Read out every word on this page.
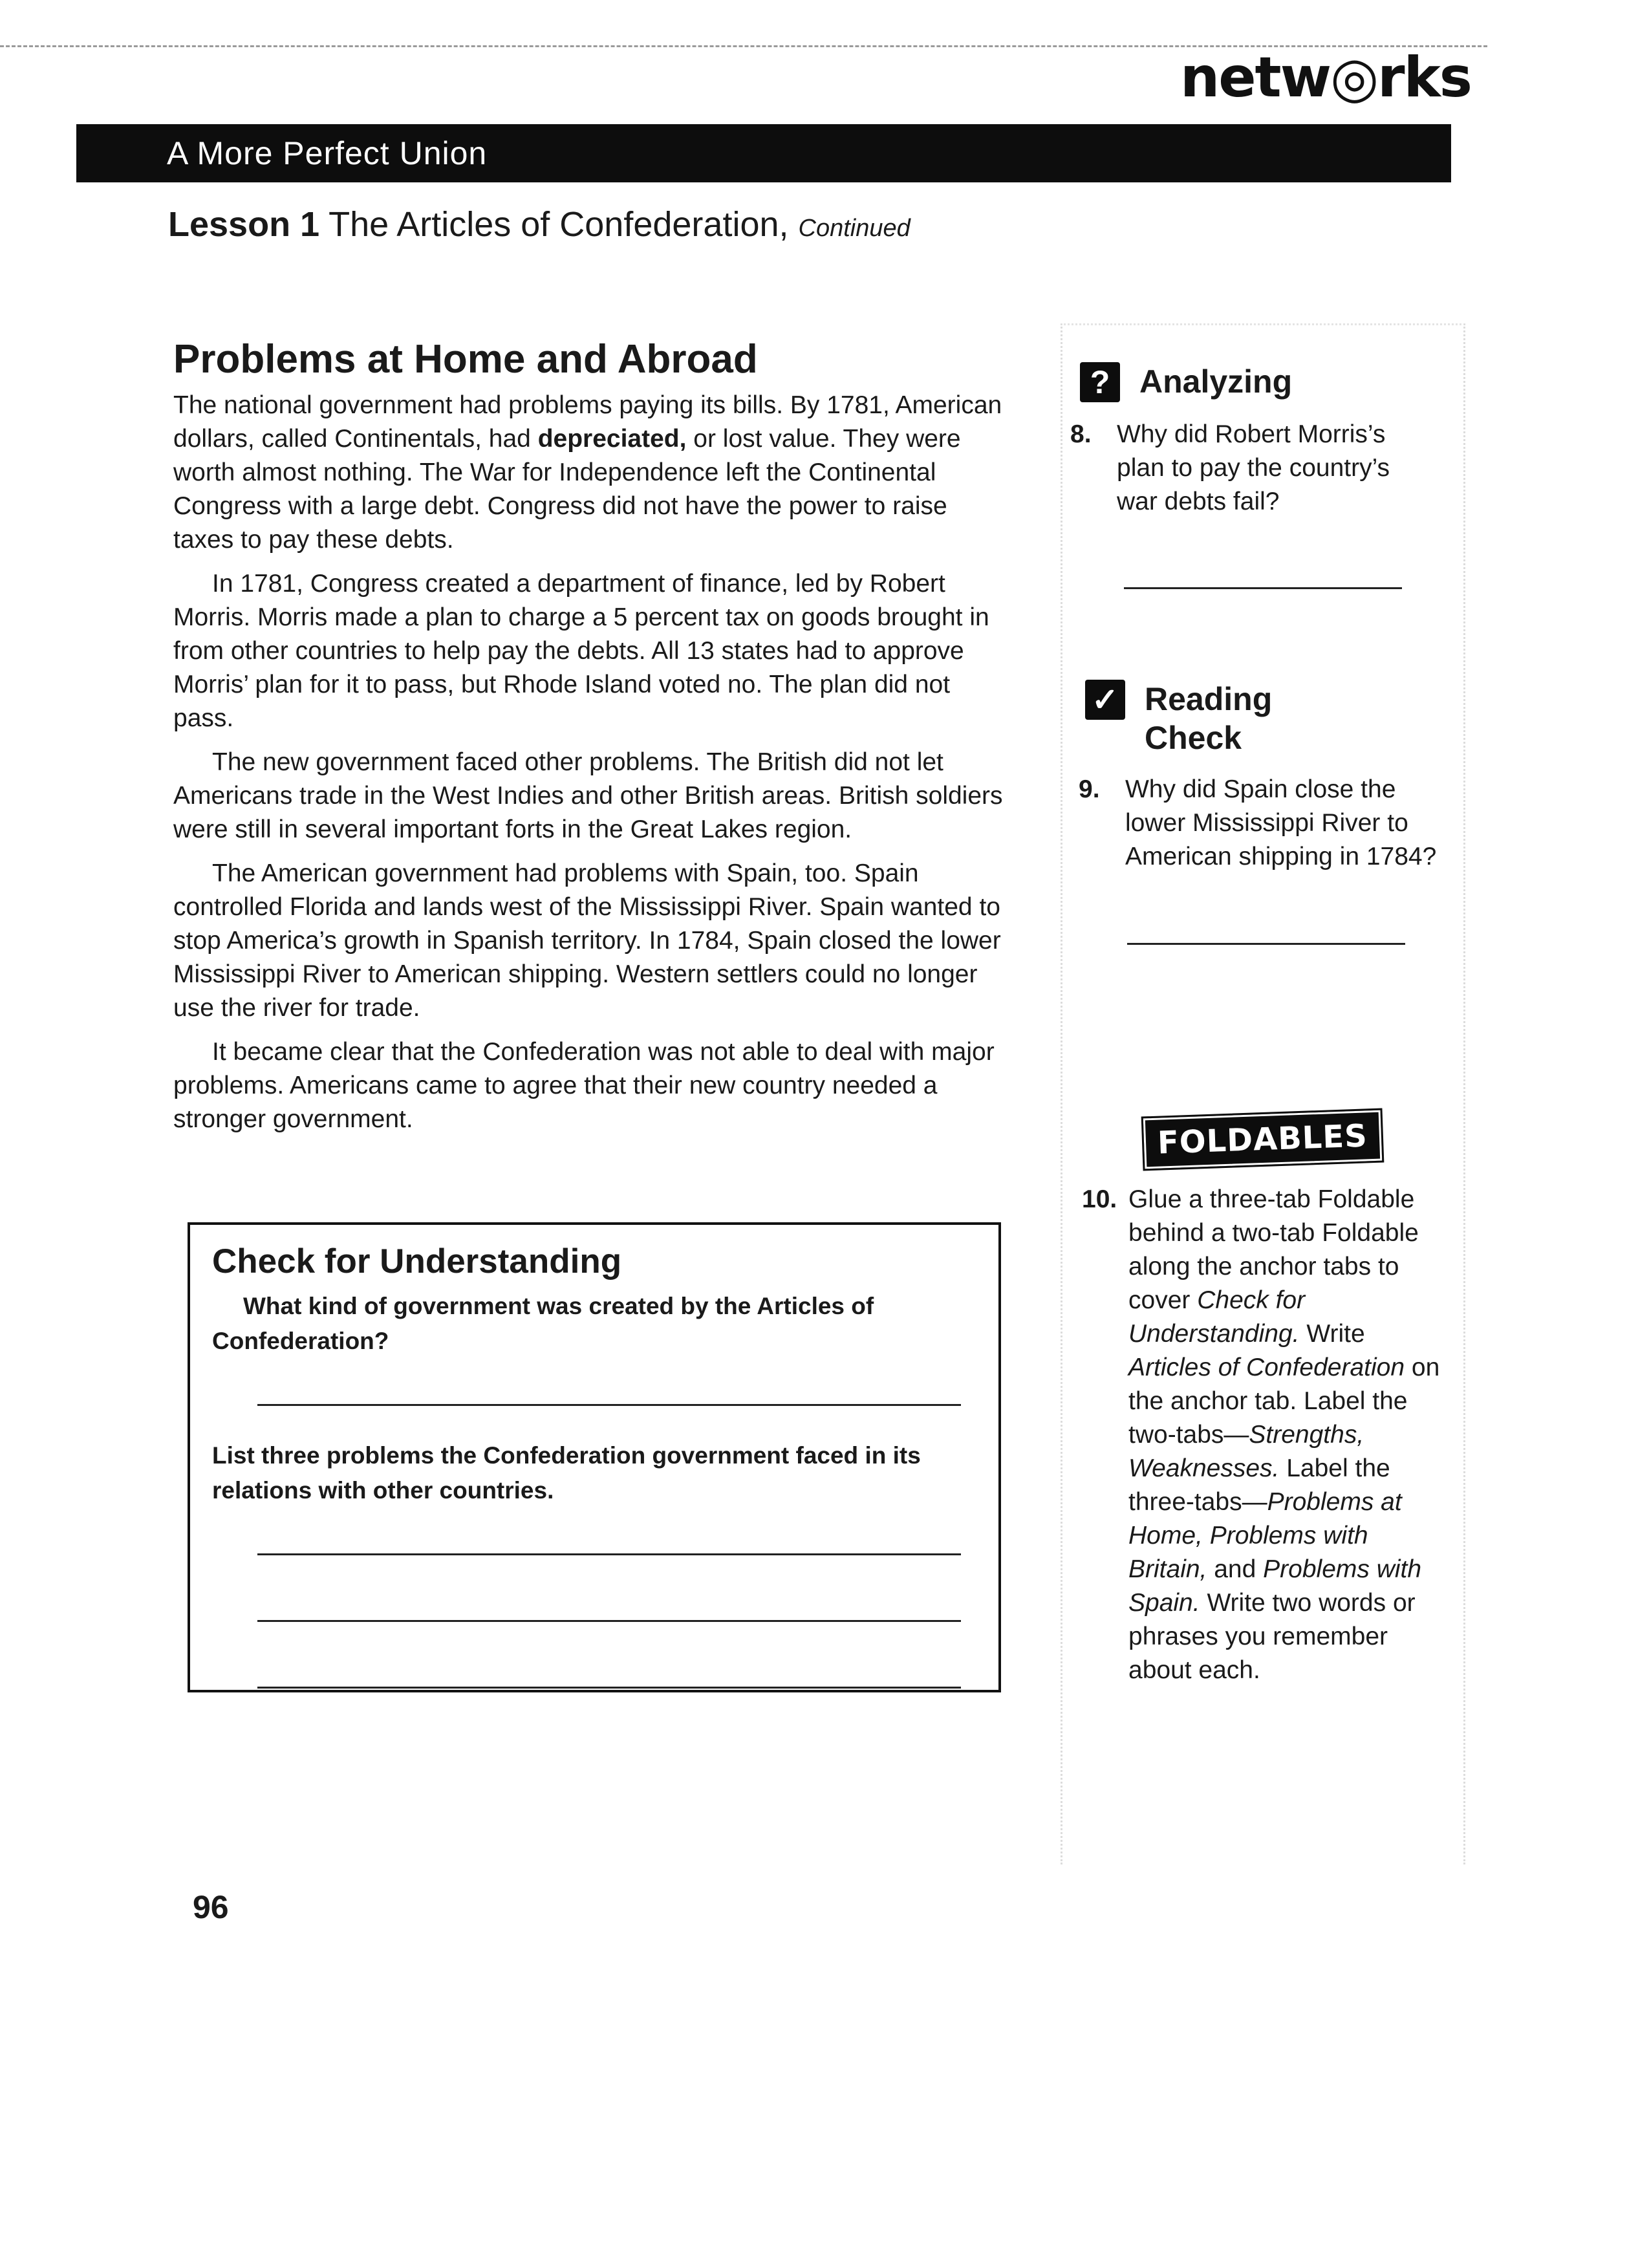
netw◎rks
A More Perfect Union
Lesson 1 The Articles of Confederation, Continued
Problems at Home and Abroad

The national government had problems paying its bills. By 1781, American dollars, called Continentals, had depreciated, or lost value. They were worth almost nothing. The War for Independence left the Continental Congress with a large debt. Congress did not have the power to raise taxes to pay these debts.

In 1781, Congress created a department of finance, led by Robert Morris. Morris made a plan to charge a 5 percent tax on goods brought in from other countries to help pay the debts. All 13 states had to approve Morris’ plan for it to pass, but Rhode Island voted no. The plan did not pass.

The new government faced other problems. The British did not let Americans trade in the West Indies and other British areas. British soldiers were still in several important forts in the Great Lakes region.

The American government had problems with Spain, too. Spain controlled Florida and lands west of the Mississippi River. Spain wanted to stop America’s growth in Spanish territory. In 1784, Spain closed the lower Mississippi River to American shipping. Western settlers could no longer use the river for trade.

It became clear that the Confederation was not able to deal with major problems. Americans came to agree that their new country needed a stronger government.

Check for Understanding
What kind of government was created by the Articles of Confederation?
List three problems the Confederation government faced in its relations with other countries.
? Analyzing
8.	Why did Robert Morris’s plan to pay the country’s war debts fail?
✓ Reading
Check
9.	Why did Spain close the lower Mississippi River to American shipping in 1784?
FOLDABLES
10. Glue a three-tab Foldable behind a two-tab Foldable along the anchor tabs to cover Check for Understanding. Write Articles of Confederation on the anchor tab. Label the two-tabs—Strengths, Weaknesses. Label the three-tabs—Problems at Home, Problems with Britain, and Problems with Spain. Write two words or phrases you remember about each.
96
